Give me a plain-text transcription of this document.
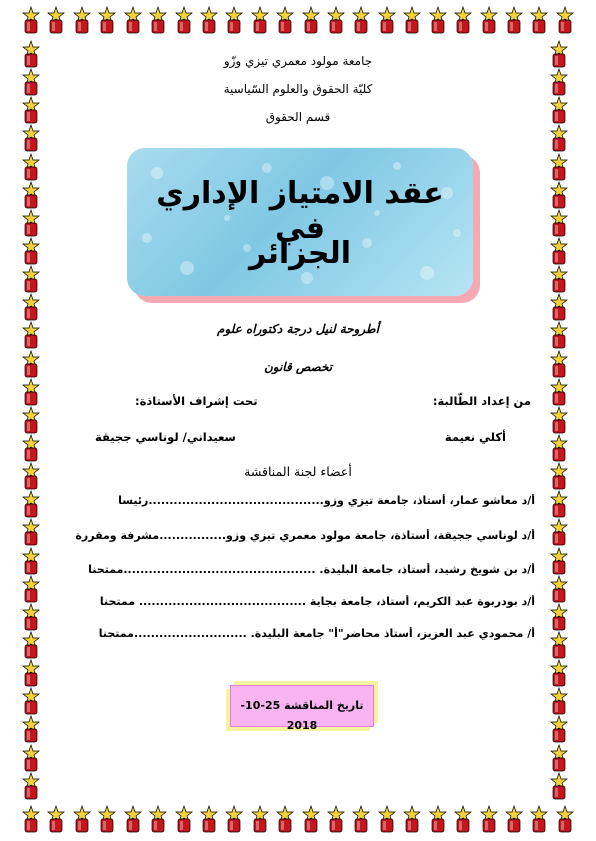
جامعة مولود معمري تيزي وزّو
كليّة الحقوق والعلوم السّياسية
قسم الحقوق
عقد الامتياز الإداري في
الجزائر
أطروحة لنيل درجة دكتوراه علوم
تخصص قانون
من إعداد الطّالبة:
تحت إشراف الأستاذة:
أكلي نعيمة
سعيداني/ لوناسي ججيقة
أعضاء لجنة المناقشة
أ/د معاشو عمار، أستاذ، جامعة تيزي وزو..........................................رئيسا
أ/د لوناسي ججيقة، أستاذة، جامعة مولود معمري تيزي وزو................مشرفة ومقررة
أ/د بن شويخ رشيد، أستاذ، جامعة البليدة. ..............................................ممتحنا
أ/د بودربوة عبد الكريم، أستاذ، جامعة بجاية ........................................ ممتحنا
أ/ محمودي عبد العزيز، أستاذ محاضر"أ" جامعة البليدة. ...........................ممتحنا
تاريخ المناقشة 25-10-2018
